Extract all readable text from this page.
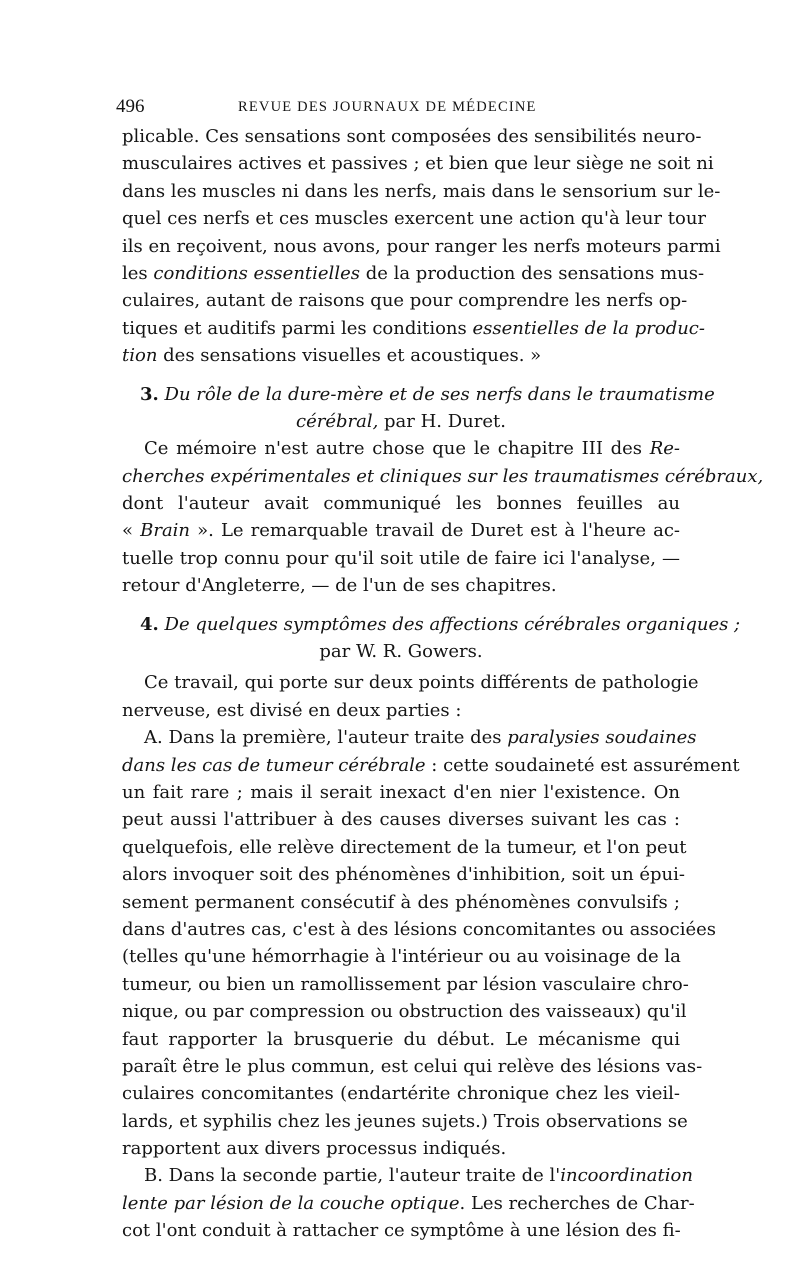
496	REVUE DES JOURNAUX DE MÉDECINE
plicable. Ces sensations sont composées des sensibilités neuro-
musculaires actives et passives ; et bien que leur siège ne soit ni
dans les muscles ni dans les nerfs, mais dans le sensorium sur le-
quel ces nerfs et ces muscles exercent une action qu'à leur tour
ils en reçoivent, nous avons, pour ranger les nerfs moteurs parmi
les conditions essentielles de la production des sensations mus-
culaires, autant de raisons que pour comprendre les nerfs op-
tiques et auditifs parmi les conditions essentielles de la produc-
tion des sensations visuelles et acoustiques. »
3. Du rôle de la dure-mère et de ses nerfs dans le traumatisme
cérébral, par H. Duret.
Ce mémoire n'est autre chose que le chapitre III des Re-
cherches expérimentales et cliniques sur les traumatismes cérébraux,
dont l'auteur avait communiqué les bonnes feuilles au
« Brain ». Le remarquable travail de Duret est à l'heure ac-
tuelle trop connu pour qu'il soit utile de faire ici l'analyse, —
retour d'Angleterre, — de l'un de ses chapitres.
4. De quelques symptômes des affections cérébrales organiques ;
par W. R. Gowers.
Ce travail, qui porte sur deux points différents de pathologie
nerveuse, est divisé en deux parties :
A. Dans la première, l'auteur traite des paralysies soudaines
dans les cas de tumeur cérébrale : cette soudaineté est assurément
un fait rare ; mais il serait inexact d'en nier l'existence. On
peut aussi l'attribuer à des causes diverses suivant les cas :
quelquefois, elle relève directement de la tumeur, et l'on peut
alors invoquer soit des phénomènes d'inhibition, soit un épui-
sement permanent consécutif à des phénomènes convulsifs ;
dans d'autres cas, c'est à des lésions concomitantes ou associées
(telles qu'une hémorrhagie à l'intérieur ou au voisinage de la
tumeur, ou bien un ramollissement par lésion vasculaire chro-
nique, ou par compression ou obstruction des vaisseaux) qu'il
faut rapporter la brusquerie du début. Le mécanisme qui
paraît être le plus commun, est celui qui relève des lésions vas-
culaires concomitantes (endartérite chronique chez les vieil-
lards, et syphilis chez les jeunes sujets.) Trois observations se
rapportent aux divers processus indiqués.
B. Dans la seconde partie, l'auteur traite de l'incoordination
lente par lésion de la couche optique. Les recherches de Char-
cot l'ont conduit à rattacher ce symptôme à une lésion des fi-
